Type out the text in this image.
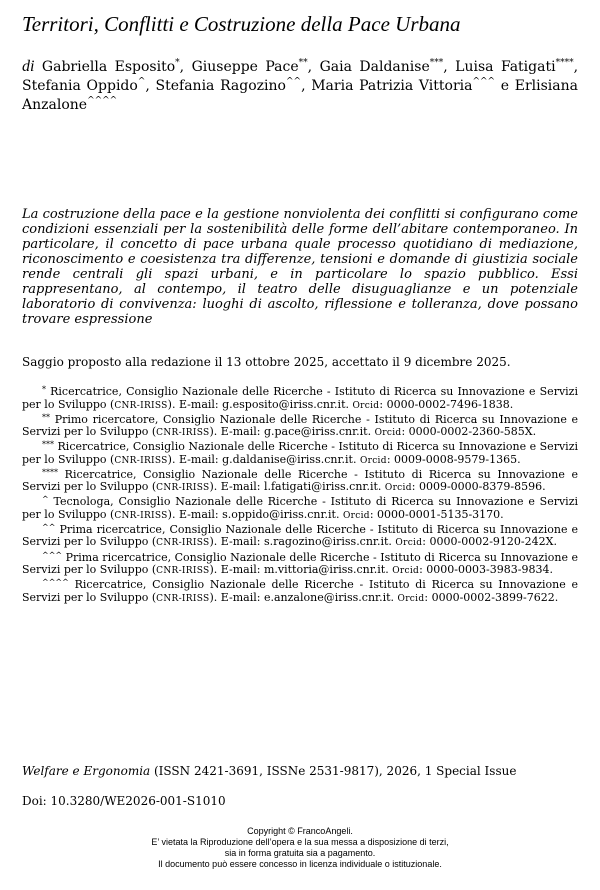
Territori, Conflitti e Costruzione della Pace Urbana
di Gabriella Esposito*, Giuseppe Pace**, Gaia Daldanise***, Luisa Fatigati****, Stefania Oppido^, Stefania Ragozino^^, Maria Patrizia Vittoria^^^ e Erlisiana Anzalone^^^^
La costruzione della pace e la gestione nonviolenta dei conflitti si configurano come condizioni essenziali per la sostenibilità delle forme dell’abitare contemporaneo. In particolare, il concetto di pace urbana quale processo quotidiano di mediazione, riconoscimento e coesistenza tra differenze, tensioni e domande di giustizia sociale rende centrali gli spazi urbani, e in particolare lo spazio pubblico. Essi rappresentano, al contempo, il teatro delle disuguaglianze e un potenziale laboratorio di convivenza: luoghi di ascolto, riflessione e tolleranza, dove possano trovare espressione
Saggio proposto alla redazione il 13 ottobre 2025, accettato il 9 dicembre 2025.
* Ricercatrice, Consiglio Nazionale delle Ricerche - Istituto di Ricerca su Innovazione e Servizi per lo Sviluppo (CNR-IRISS). E-mail: g.esposito@iriss.cnr.it. Orcid: 0000-0002-7496-1838.
** Primo ricercatore, Consiglio Nazionale delle Ricerche - Istituto di Ricerca su Innovazione e Servizi per lo Sviluppo (CNR-IRISS). E-mail: g.pace@iriss.cnr.it. Orcid: 0000-0002-2360-585X.
*** Ricercatrice, Consiglio Nazionale delle Ricerche - Istituto di Ricerca su Innovazione e Servizi per lo Sviluppo (CNR-IRISS). E-mail: g.daldanise@iriss.cnr.it. Orcid: 0009-0008-9579-1365.
**** Ricercatrice, Consiglio Nazionale delle Ricerche - Istituto di Ricerca su Innovazione e Servizi per lo Sviluppo (CNR-IRISS). E-mail: l.fatigati@iriss.cnr.it. Orcid: 0009-0000-8379-8596.
^ Tecnologa, Consiglio Nazionale delle Ricerche - Istituto di Ricerca su Innovazione e Servizi per lo Sviluppo (CNR-IRISS). E-mail: s.oppido@iriss.cnr.it. Orcid: 0000-0001-5135-3170.
^^ Prima ricercatrice, Consiglio Nazionale delle Ricerche - Istituto di Ricerca su Innovazione e Servizi per lo Sviluppo (CNR-IRISS). E-mail: s.ragozino@iriss.cnr.it. Orcid: 0000-0002-9120-242X.
^^^ Prima ricercatrice, Consiglio Nazionale delle Ricerche - Istituto di Ricerca su Innovazione e Servizi per lo Sviluppo (CNR-IRISS). E-mail: m.vittoria@iriss.cnr.it. Orcid: 0000-0003-3983-9834.
^^^^ Ricercatrice, Consiglio Nazionale delle Ricerche - Istituto di Ricerca su Innovazione e Servizi per lo Sviluppo (CNR-IRISS). E-mail: e.anzalone@iriss.cnr.it. Orcid: 0000-0002-3899-7622.
Welfare e Ergonomia (ISSN 2421-3691, ISSNe 2531-9817), 2026, 1 Special Issue
Doi: 10.3280/WE2026-001-S1010
Copyright © FrancoAngeli.
E’ vietata la Riproduzione dell’opera e la sua messa a disposizione di terzi,
sia in forma gratuita sia a pagamento.
Il documento può essere concesso in licenza individuale o istituzionale.
